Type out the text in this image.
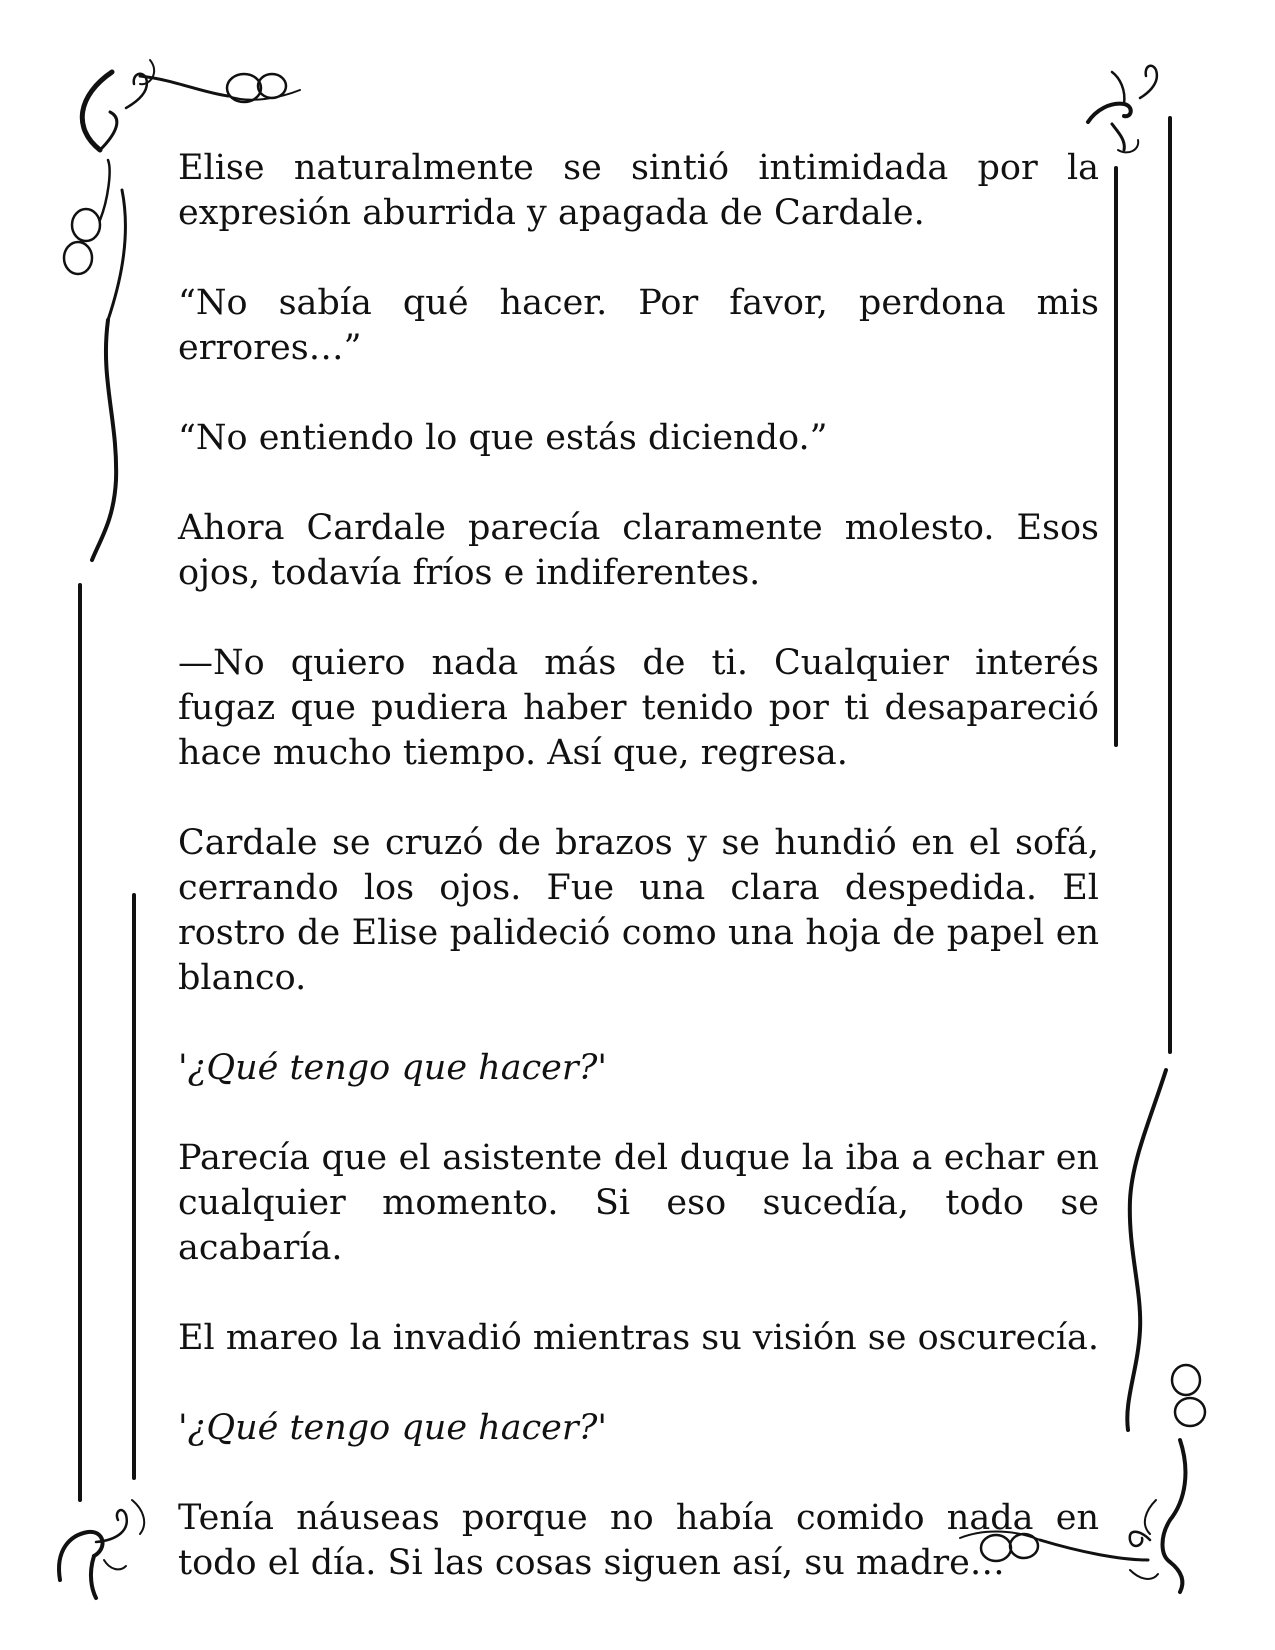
Elise naturalmente se sintió intimidada por la expresión aburrida y apagada de Cardale.

“No sabía qué hacer. Por favor, perdona mis errores…”

“No entiendo lo que estás diciendo.”

Ahora Cardale parecía claramente molesto. Esos ojos, todavía fríos e indiferentes.

—No quiero nada más de ti. Cualquier interés fugaz que pudiera haber tenido por ti desapareció hace mucho tiempo. Así que, regresa.

Cardale se cruzó de brazos y se hundió en el sofá, cerrando los ojos. Fue una clara despedida. El rostro de Elise palideció como una hoja de papel en blanco.

'¿Qué tengo que hacer?'

Parecía que el asistente del duque la iba a echar en cualquier momento. Si eso sucedía, todo se acabaría.

El mareo la invadió mientras su visión se oscurecía.

'¿Qué tengo que hacer?'

Tenía náuseas porque no había comido nada en todo el día. Si las cosas siguen así, su madre…
